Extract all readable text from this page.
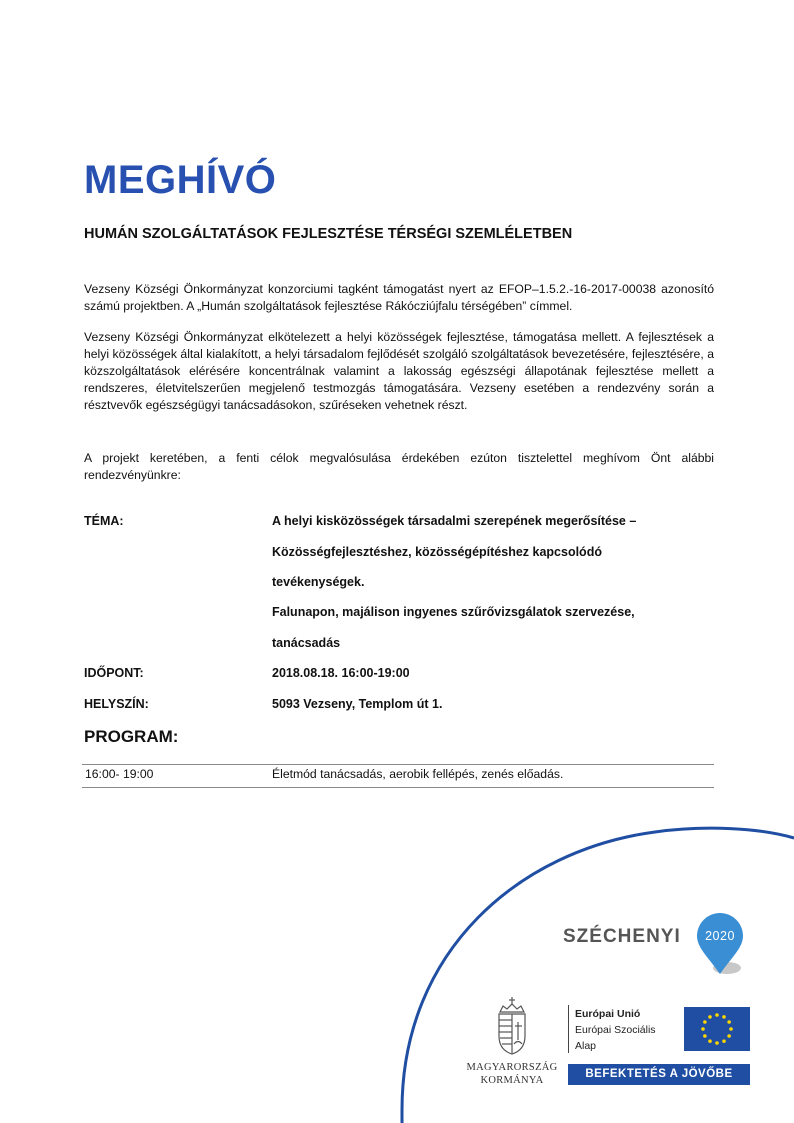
MEGHÍVÓ
HUMÁN SZOLGÁLTATÁSOK FEJLESZTÉSE TÉRSÉGI SZEMLÉLETBEN

Vezseny Községi Önkormányzat konzorciumi tagként támogatást nyert az EFOP–1.5.2.-16-2017-00038 azonosító számú projektben. A „Humán szolgáltatások fejlesztése Rákócziújfalu térségében” címmel.

Vezseny Községi Önkormányzat elkötelezett a helyi közösségek fejlesztése, támogatása mellett. A fejlesztések a helyi közösségek által kialakított, a helyi társadalom fejlődését szolgáló szolgáltatások bevezetésére, fejlesztésére, a közszolgáltatások elérésére koncentrálnak valamint a lakosság egészségi állapotának fejlesztése mellett a rendszeres, életvitelszerűen megjelenő testmozgás támogatására. Vezseny esetében a rendezvény során a résztvevők egészségügyi tanácsadásokon, szűréseken vehetnek részt.

A projekt keretében, a fenti célok megvalósulása érdekében ezúton tisztelettel meghívom Önt alábbi rendezvényünkre:

TÉMA:	A helyi kisközösségek társadalmi szerepének megerősítése –
Közösségfejlesztéshez, közösségépítéshez kapcsolódó
tevékenységek.
Falunapon, majálison ingyenes szűrővizsgálatok szervezése,
tanácsadás
IDŐPONT:	2018.08.18. 16:00-19:00
HELYSZÍN:	5093 Vezseny, Templom út 1.
PROGRAM:
16:00- 19:00	Életmód tanácsadás, aerobik fellépés, zenés előadás.
SZÉCHENYI	2020
MAGYARORSZÁG
KORMÁNYA
Európai Unió
Európai Szociális
Alap
BEFEKTETÉS A JÖVŐBE
